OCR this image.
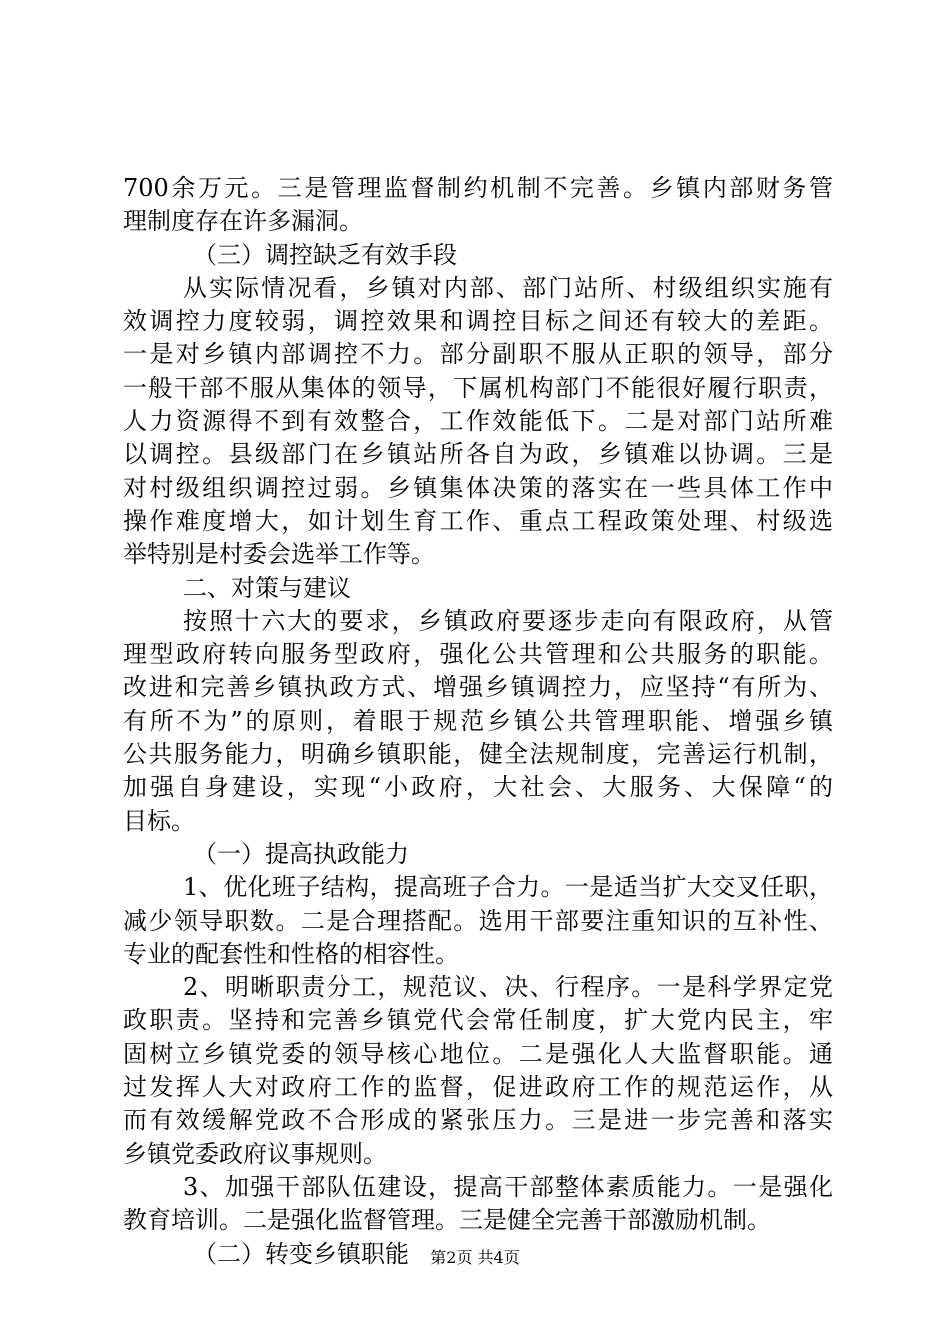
700余万元。三是管理监督制约机制不完善。乡镇内部财务管
理制度存在许多漏洞。
（三）调控缺乏有效手段
从实际情况看，乡镇对内部、部门站所、村级组织实施有
效调控力度较弱，调控效果和调控目标之间还有较大的差距。
一是对乡镇内部调控不力。部分副职不服从正职的领导，部分
一般干部不服从集体的领导，下属机构部门不能很好履行职责，
人力资源得不到有效整合，工作效能低下。二是对部门站所难
以调控。县级部门在乡镇站所各自为政，乡镇难以协调。三是
对村级组织调控过弱。乡镇集体决策的落实在一些具体工作中
操作难度增大，如计划生育工作、重点工程政策处理、村级选
举特别是村委会选举工作等。
二、对策与建议
按照十六大的要求，乡镇政府要逐步走向有限政府，从管
理型政府转向服务型政府，强化公共管理和公共服务的职能。
改进和完善乡镇执政方式、增强乡镇调控力，应坚持“有所为、
有所不为”的原则，着眼于规范乡镇公共管理职能、增强乡镇
公共服务能力，明确乡镇职能，健全法规制度，完善运行机制，
加强自身建设，实现“小政府，大社会、大服务、大保障“的
目标。
（一）提高执政能力
1、优化班子结构，提高班子合力。一是适当扩大交叉任职，
减少领导职数。二是合理搭配。选用干部要注重知识的互补性、
专业的配套性和性格的相容性。
2、明晰职责分工，规范议、决、行程序。一是科学界定党
政职责。坚持和完善乡镇党代会常任制度，扩大党内民主，牢
固树立乡镇党委的领导核心地位。二是强化人大监督职能。通
过发挥人大对政府工作的监督，促进政府工作的规范运作，从
而有效缓解党政不合形成的紧张压力。三是进一步完善和落实
乡镇党委政府议事规则。
3、加强干部队伍建设，提高干部整体素质能力。一是强化
教育培训。二是强化监督管理。三是健全完善干部激励机制。
（二）转变乡镇职能	第2页 共4页
